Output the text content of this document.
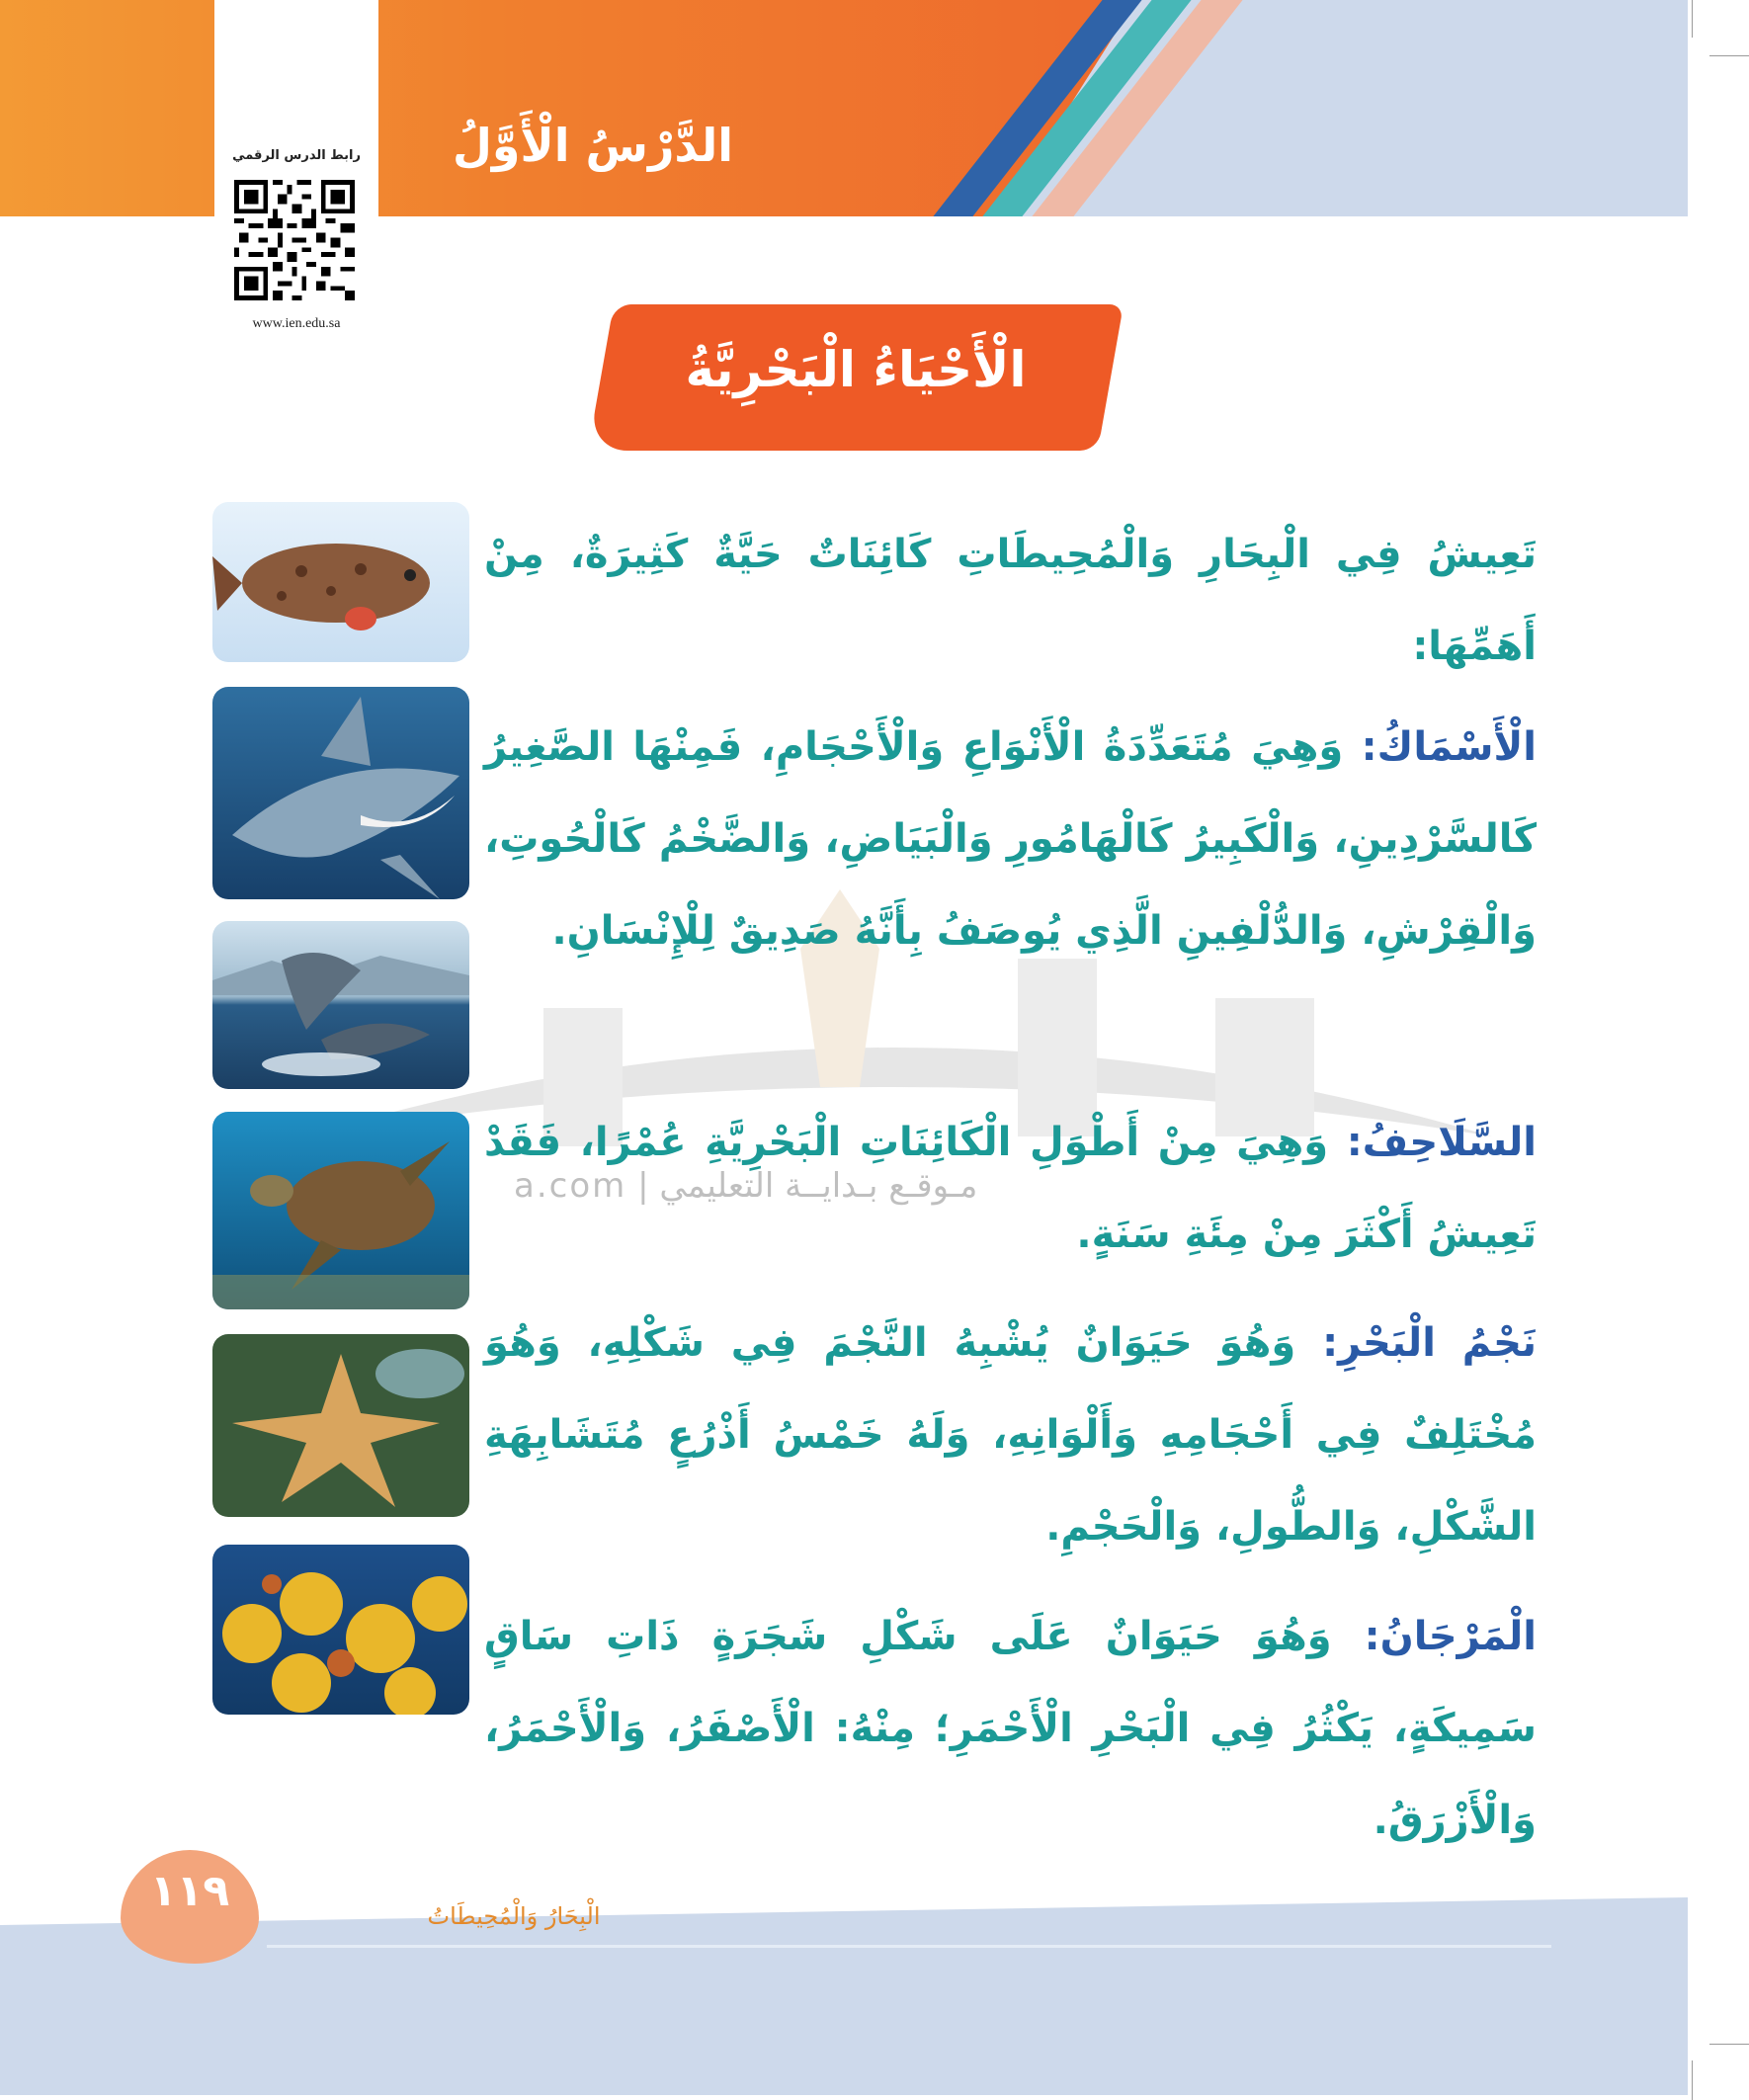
رابط الدرس الرقمي
www.ien.edu.sa
الدَّرْسُ الْأَوَّلُ
الْأَحْيَاءُ الْبَحْرِيَّةُ
مـوقـع بـدايــة التعليمي | a.com

تَعِيشُ فِي الْبِحَارِ وَالْمُحِيطَاتِ كَائِنَاتٌ حَيَّةٌ كَثِيرَةٌ، مِنْ أَهَمِّهَا:

الْأَسْمَاكُ: وَهِيَ مُتَعَدِّدَةُ الْأَنْوَاعِ وَالْأَحْجَامِ، فَمِنْهَا الصَّغِيرُ كَالسَّرْدِينِ، وَالْكَبِيرُ كَالْهَامُورِ وَالْبَيَاضِ، وَالضَّخْمُ كَالْحُوتِ، وَالْقِرْشِ، وَالدُّلْفِينِ الَّذِي يُوصَفُ بِأَنَّهُ صَدِيقٌ لِلْإِنْسَانِ.

السَّلَاحِفُ: وَهِيَ مِنْ أَطْوَلِ الْكَائِنَاتِ الْبَحْرِيَّةِ عُمْرًا، فَقَدْ تَعِيشُ أَكْثَرَ مِنْ مِئَةِ سَنَةٍ.

نَجْمُ الْبَحْرِ: وَهُوَ حَيَوَانٌ يُشْبِهُ النَّجْمَ فِي شَكْلِهِ، وَهُوَ مُخْتَلِفٌ فِي أَحْجَامِهِ وَأَلْوَانِهِ، وَلَهُ خَمْسُ أَذْرُعٍ مُتَشَابِهَةِ الشَّكْلِ، وَالطُّولِ، وَالْحَجْمِ.

الْمَرْجَانُ: وَهُوَ حَيَوَانٌ عَلَى شَكْلِ شَجَرَةٍ ذَاتِ سَاقٍ سَمِيكَةٍ، يَكْثُرُ فِي الْبَحْرِ الْأَحْمَرِ؛ مِنْهُ: الْأَصْفَرُ، وَالْأَحْمَرُ، وَالْأَزْرَقُ.

١١٩	الْبِحَارُ وَالْمُحِيطَاتُ
